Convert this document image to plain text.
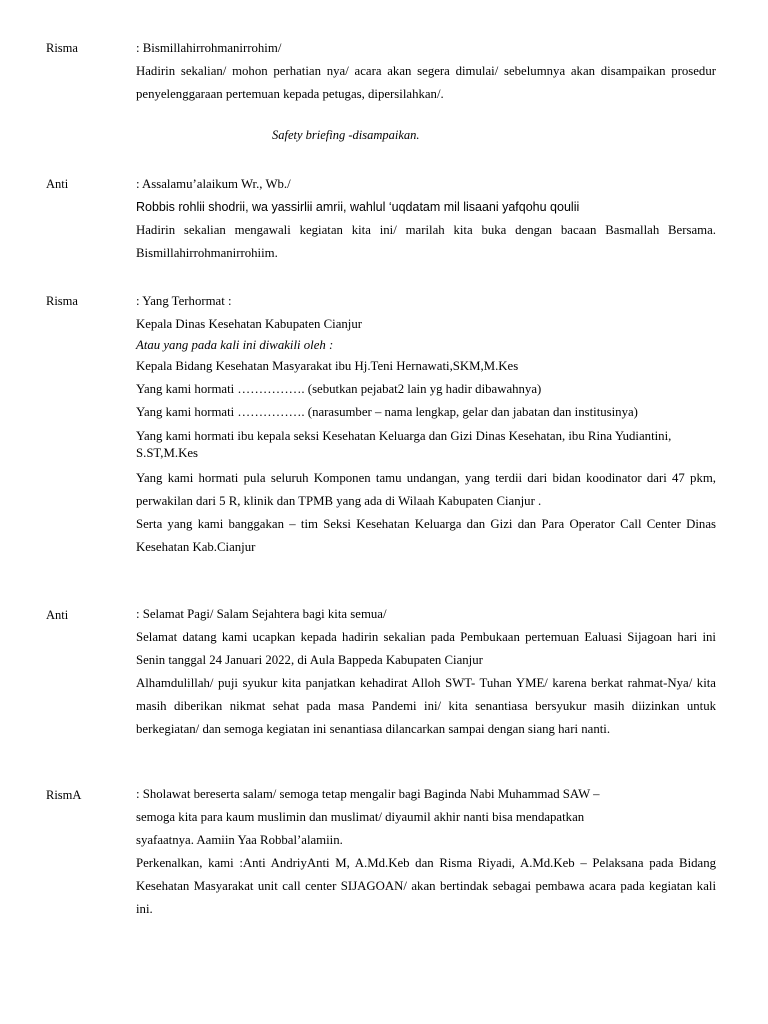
Risma	: Bismillahirrohmanirrohim/

Hadirin sekalian/ mohon perhatian nya/ acara akan segera dimulai/ sebelumnya akan disampaikan prosedur penyelenggaraan pertemuan kepada petugas, dipersilahkan/.

Safety briefing -disampaikan.
Anti	: Assalamu’alaikum Wr., Wb./

Robbis rohlii shodrii, wa yassirlii amrii, wahlul ‘uqdatam mil lisaani yafqohu qoulii

Hadirin sekalian mengawali kegiatan kita ini/ marilah kita buka dengan bacaan Basmallah Bersama. Bismillahirrohmanirrohiim.

Risma	: Yang Terhormat :

Kepala Dinas Kesehatan Kabupaten Cianjur

Atau yang pada kali ini diwakili oleh :

Kepala Bidang Kesehatan Masyarakat ibu Hj.Teni Hernawati,SKM,M.Kes

Yang kami hormati ……………. (sebutkan pejabat2 lain yg hadir dibawahnya)

Yang kami hormati ……………. (narasumber – nama lengkap, gelar dan jabatan dan institusinya)

Yang kami hormati ibu kepala seksi Kesehatan Keluarga dan Gizi Dinas Kesehatan, ibu Rina Yudiantini, S.ST,M.Kes

Yang kami hormati pula seluruh Komponen tamu undangan, yang terdii dari bidan koodinator dari 47 pkm, perwakilan dari 5 R, klinik dan TPMB yang ada di Wilaah Kabupaten Cianjur .

Serta yang kami banggakan – tim Seksi Kesehatan Keluarga dan Gizi dan Para Operator Call Center Dinas Kesehatan Kab.Cianjur

Anti	: Selamat Pagi/ Salam Sejahtera bagi kita semua/

Selamat datang kami ucapkan kepada hadirin sekalian pada Pembukaan pertemuan Ealuasi Sijagoan hari ini Senin tanggal 24 Januari 2022, di Aula Bappeda Kabupaten Cianjur

Alhamdulillah/ puji syukur kita panjatkan kehadirat Alloh SWT- Tuhan YME/ karena berkat rahmat-Nya/ kita masih diberikan nikmat sehat pada masa Pandemi ini/ kita senantiasa bersyukur masih diizinkan untuk berkegiatan/ dan semoga kegiatan ini senantiasa dilancarkan sampai dengan siang hari nanti.

RismA	: Sholawat bereserta salam/ semoga tetap mengalir bagi Baginda Nabi Muhammad SAW –

semoga kita para kaum muslimin dan muslimat/ diyaumil akhir nanti bisa mendapatkan

syafaatnya. Aamiin Yaa Robbal’alamiin.

Perkenalkan, kami :Anti AndriyAnti M, A.Md.Keb dan Risma Riyadi, A.Md.Keb – Pelaksana pada Bidang Kesehatan Masyarakat unit call center SIJAGOAN/ akan bertindak sebagai pembawa acara pada kegiatan kali ini.
